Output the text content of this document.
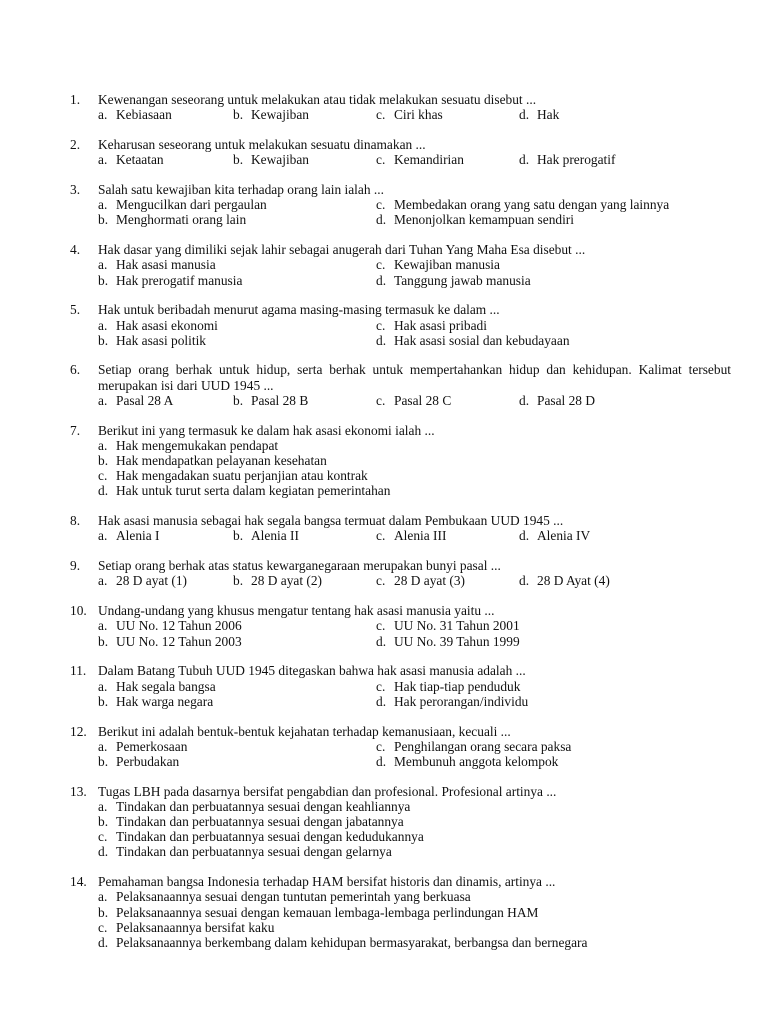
1.	Kewenangan seseorang untuk melakukan atau tidak melakukan sesuatu disebut ...
a. Kebiasaan	b. Kewajiban	c. Ciri khas	d. Hak
2.	Keharusan seseorang untuk melakukan sesuatu dinamakan ...
a. Ketaatan	b. Kewajiban	c. Kemandirian	d. Hak prerogatif
3.	Salah satu kewajiban kita terhadap orang lain ialah ...
a. Mengucilkan dari pergaulan	c. Membedakan orang yang satu dengan yang lainnya
b. Menghormati orang lain	d. Menonjolkan kemampuan sendiri
4.	Hak dasar yang dimiliki sejak lahir sebagai anugerah dari Tuhan Yang Maha Esa disebut ...
a. Hak asasi manusia	c. Kewajiban manusia
b. Hak prerogatif manusia	d. Tanggung jawab manusia
5.	Hak untuk beribadah menurut agama masing-masing termasuk ke dalam ...
a. Hak asasi ekonomi	c. Hak asasi pribadi
b. Hak asasi politik	d. Hak asasi sosial dan kebudayaan
6.	Setiap orang berhak untuk hidup, serta berhak untuk mempertahankan hidup dan kehidupan. Kalimat tersebut merupakan isi dari UUD 1945 ...
a. Pasal 28 A	b. Pasal 28 B	c. Pasal 28 C	d. Pasal 28 D
7.	Berikut ini yang termasuk ke dalam hak asasi ekonomi ialah ...
a. Hak mengemukakan pendapat
b. Hak mendapatkan pelayanan kesehatan
c. Hak mengadakan suatu perjanjian atau kontrak
d. Hak untuk turut serta dalam kegiatan pemerintahan
8.	Hak asasi manusia sebagai hak segala bangsa termuat dalam Pembukaan UUD 1945 ...
a. Alenia I	b. Alenia II	c. Alenia III	d. Alenia IV
9.	Setiap orang berhak atas status kewarganegaraan merupakan bunyi pasal ...
a. 28 D ayat (1)	b. 28 D ayat (2)	c. 28 D ayat (3)	d. 28 D Ayat (4)
10. Undang-undang yang khusus mengatur tentang hak asasi manusia yaitu ...
a. UU No. 12 Tahun 2006	c. UU No. 31 Tahun 2001
b. UU No. 12 Tahun 2003	d. UU No. 39 Tahun 1999
11. Dalam Batang Tubuh UUD 1945 ditegaskan bahwa hak asasi manusia adalah ...
a. Hak segala bangsa	c. Hak tiap-tiap penduduk
b. Hak warga negara	d. Hak perorangan/individu
12. Berikut ini adalah bentuk-bentuk kejahatan terhadap kemanusiaan, kecuali ...
a. Pemerkosaan	c. Penghilangan orang secara paksa
b. Perbudakan	d. Membunuh anggota kelompok
13. Tugas LBH pada dasarnya bersifat pengabdian dan profesional. Profesional artinya ...
a. Tindakan dan perbuatannya sesuai dengan keahliannya
b. Tindakan dan perbuatannya sesuai dengan jabatannya
c. Tindakan dan perbuatannya sesuai dengan kedudukannya
d. Tindakan dan perbuatannya sesuai dengan gelarnya
14. Pemahaman bangsa Indonesia terhadap HAM bersifat historis dan dinamis, artinya ...
a. Pelaksanaannya sesuai dengan tuntutan pemerintah yang berkuasa
b. Pelaksanaannya sesuai dengan kemauan lembaga-lembaga perlindungan HAM
c. Pelaksanaannya bersifat kaku
d. Pelaksanaannya berkembang dalam kehidupan bermasyarakat, berbangsa dan bernegara
